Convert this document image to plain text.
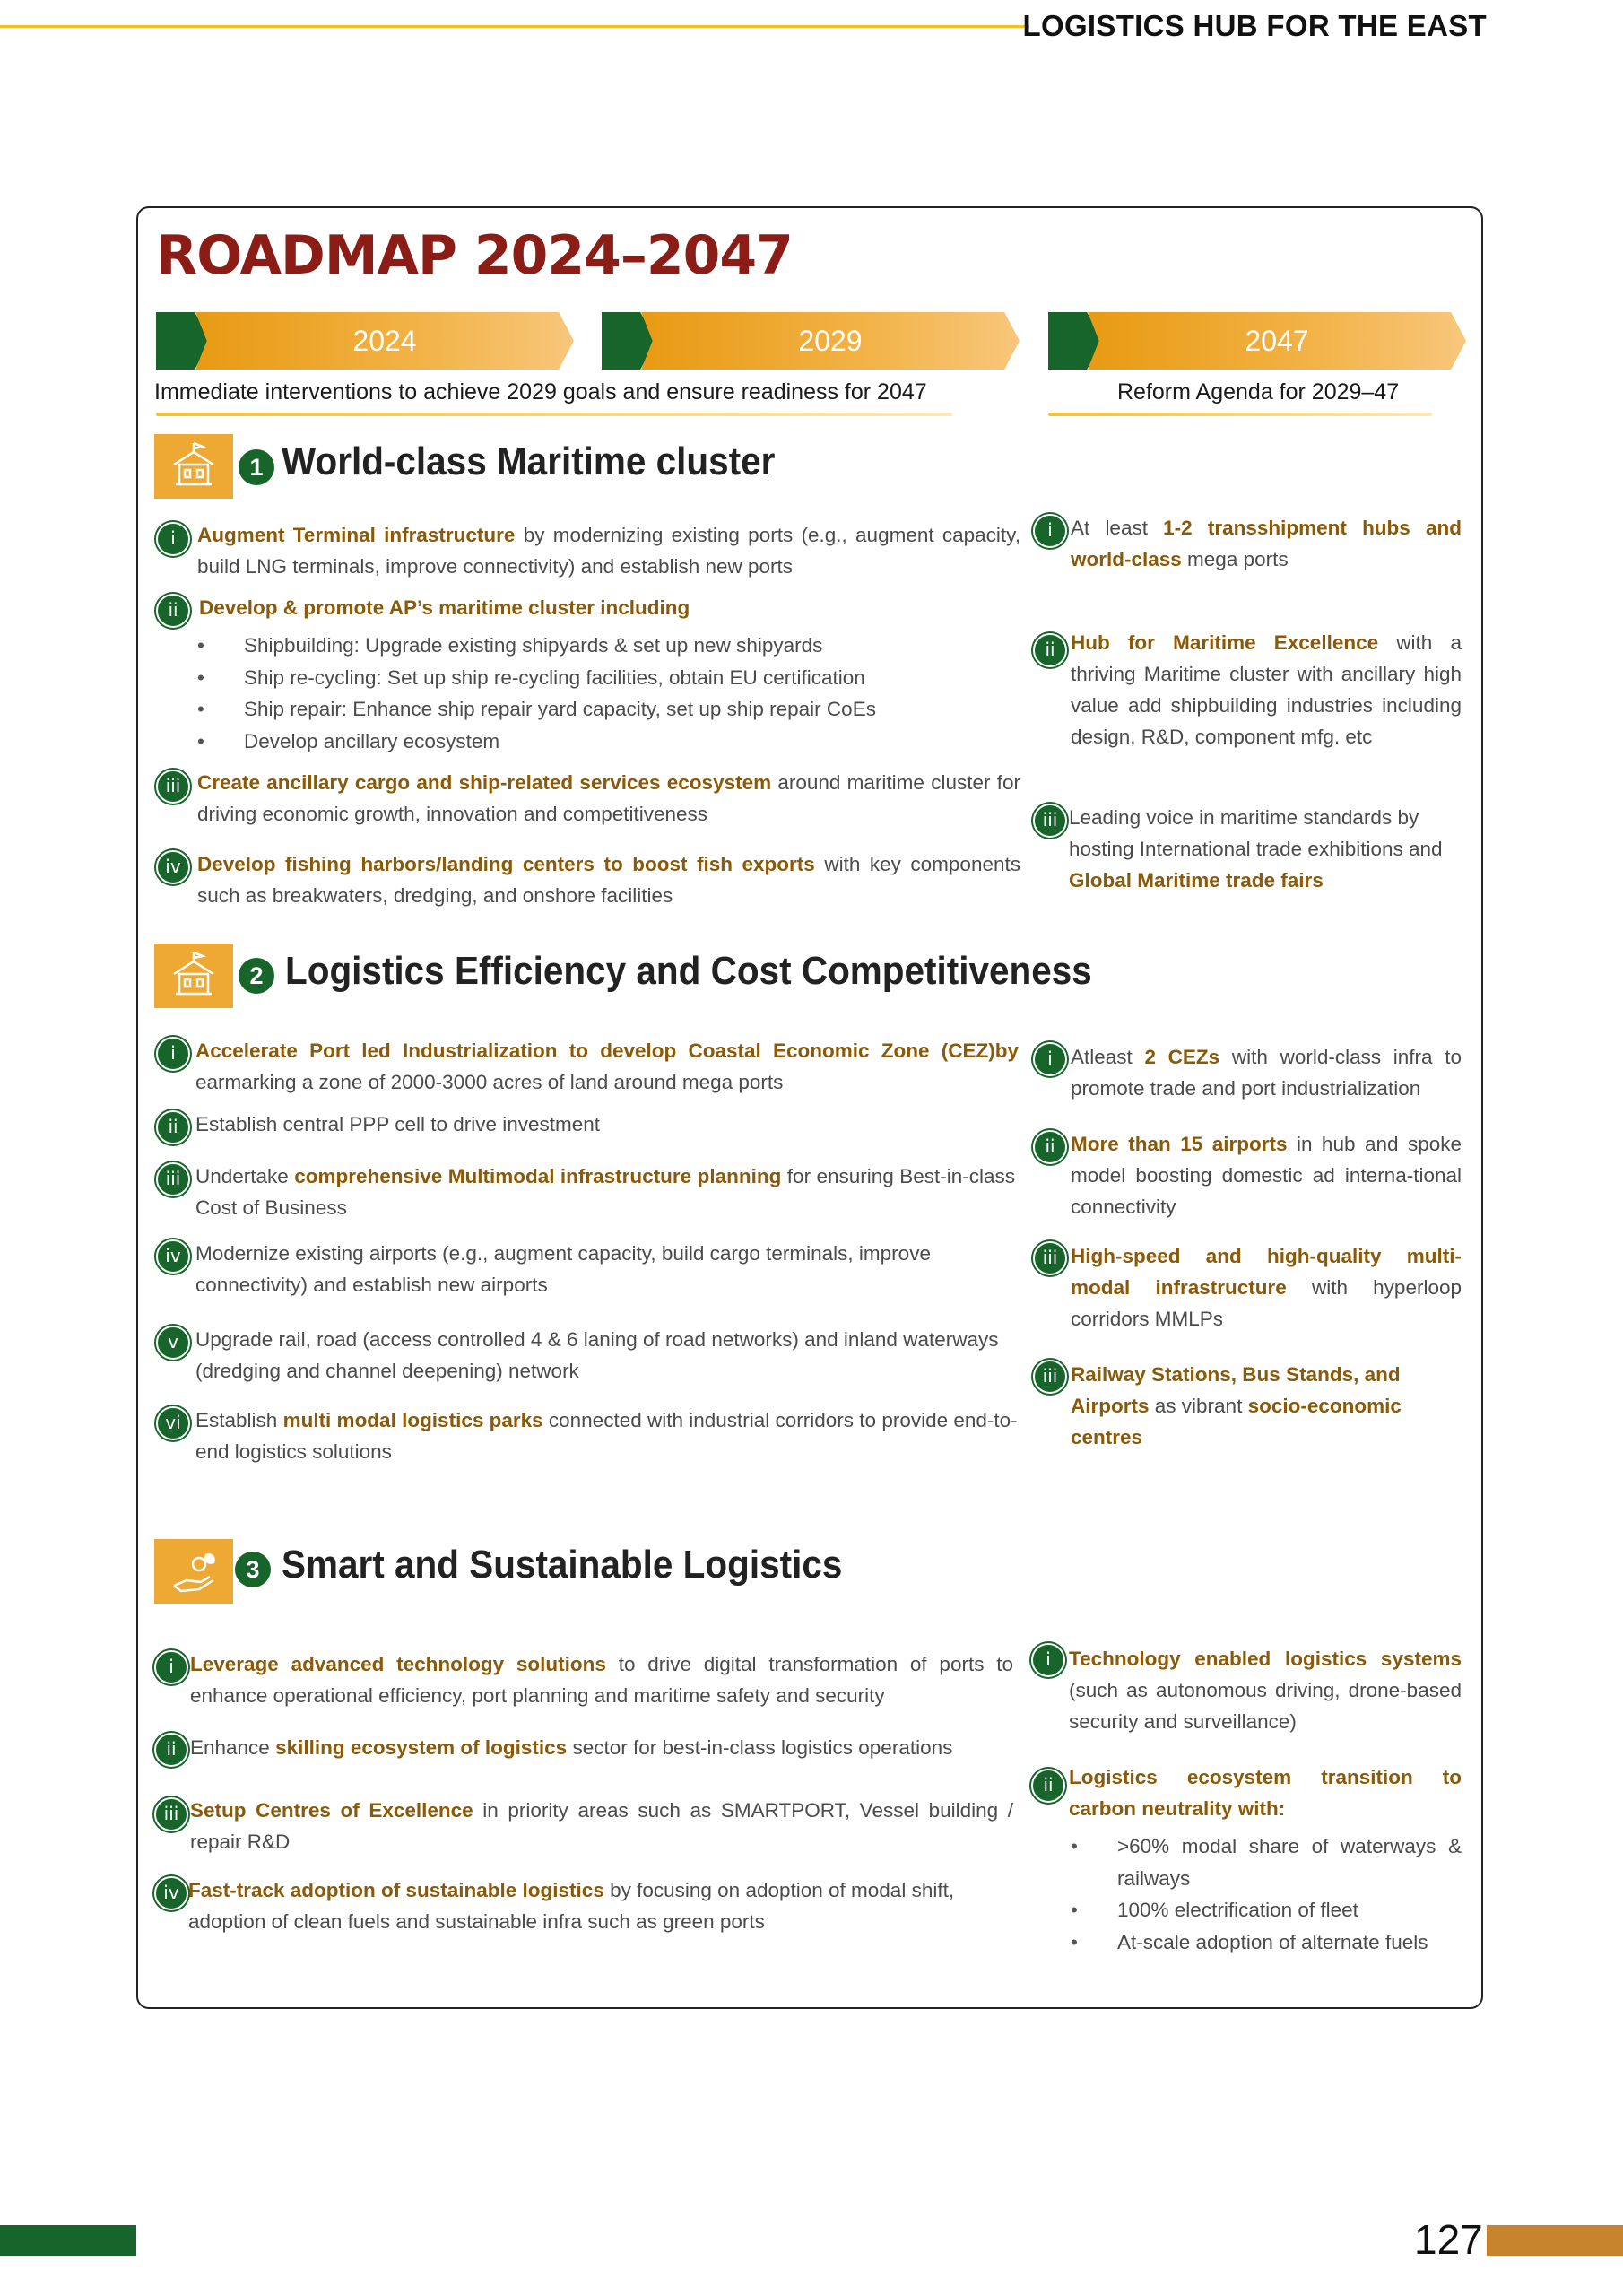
LOGISTICS HUB FOR THE EAST
ROADMAP 2024–2047
2024	2029	2047
Immediate interventions to achieve 2029 goals and ensure readiness for 2047	Reform Agenda for 2029–47
1 World-class Maritime cluster
i	Augment Terminal infrastructure by modernizing existing ports (e.g., augment capacity, build LNG terminals, improve connectivity) and establish new ports
ii	Develop & promote AP’s maritime cluster including
• Shipbuilding: Upgrade existing shipyards & set up new shipyards
• Ship re-cycling: Set up ship re-cycling facilities, obtain EU certification
• Ship repair: Enhance ship repair yard capacity, set up ship repair CoEs
• Develop ancillary ecosystem
iii Create ancillary cargo and ship-related services ecosystem around maritime cluster for driving economic growth, innovation and competitiveness
iv Develop fishing harbors/landing centers to boost fish exports with key components such as breakwaters, dredging, and onshore facilities
i At least 1-2 transshipment hubs and world-class mega ports
ii Hub for Maritime Excellence with a thriving Maritime cluster with ancillary high value add shipbuilding industries including design, R&D, component mfg. etc
iii Leading voice in maritime standards by hosting International trade exhibitions and Global Maritime trade fairs
2 Logistics Efficiency and Cost Competitiveness
i Accelerate Port led Industrialization to develop Coastal Economic Zone (CEZ)by earmarking a zone of 2000-3000 acres of land around mega ports
ii Establish central PPP cell to drive investment
iii Undertake comprehensive Multimodal infrastructure planning for ensuring Best-in-class Cost of Business
iv Modernize existing airports (e.g., augment capacity, build cargo terminals, improve connectivity) and establish new airports
v Upgrade rail, road (access controlled 4 & 6 laning of road networks) and inland waterways (dredging and channel deepening) network
vi Establish multi modal logistics parks connected with industrial corridors to provide end-to-end logistics solutions
i Atleast 2 CEZs with world-class infra to promote trade and port industrialization
ii More than 15 airports in hub and spoke model boosting domestic ad interna-tional connectivity
iii High-speed and high-quality multi-modal infrastructure with hyperloop corridors MMLPs
iii Railway Stations, Bus Stands, and Airports as vibrant socio-economic centres
3 Smart and Sustainable Logistics
i Leverage advanced technology solutions to drive digital transformation of ports to enhance operational efficiency, port planning and maritime safety and security
ii Enhance skilling ecosystem of logistics sector for best-in-class logistics operations
iii Setup Centres of Excellence in priority areas such as SMARTPORT, Vessel building / repair R&D
iv Fast-track adoption of sustainable logistics by focusing on adoption of modal shift, adoption of clean fuels and sustainable infra such as green ports
i Technology enabled logistics systems (such as autonomous driving, drone-based security and surveillance)
ii Logistics ecosystem transition to carbon neutrality with:
• >60% modal share of waterways & railways
• 100% electrification of fleet
• At-scale adoption of alternate fuels
127
